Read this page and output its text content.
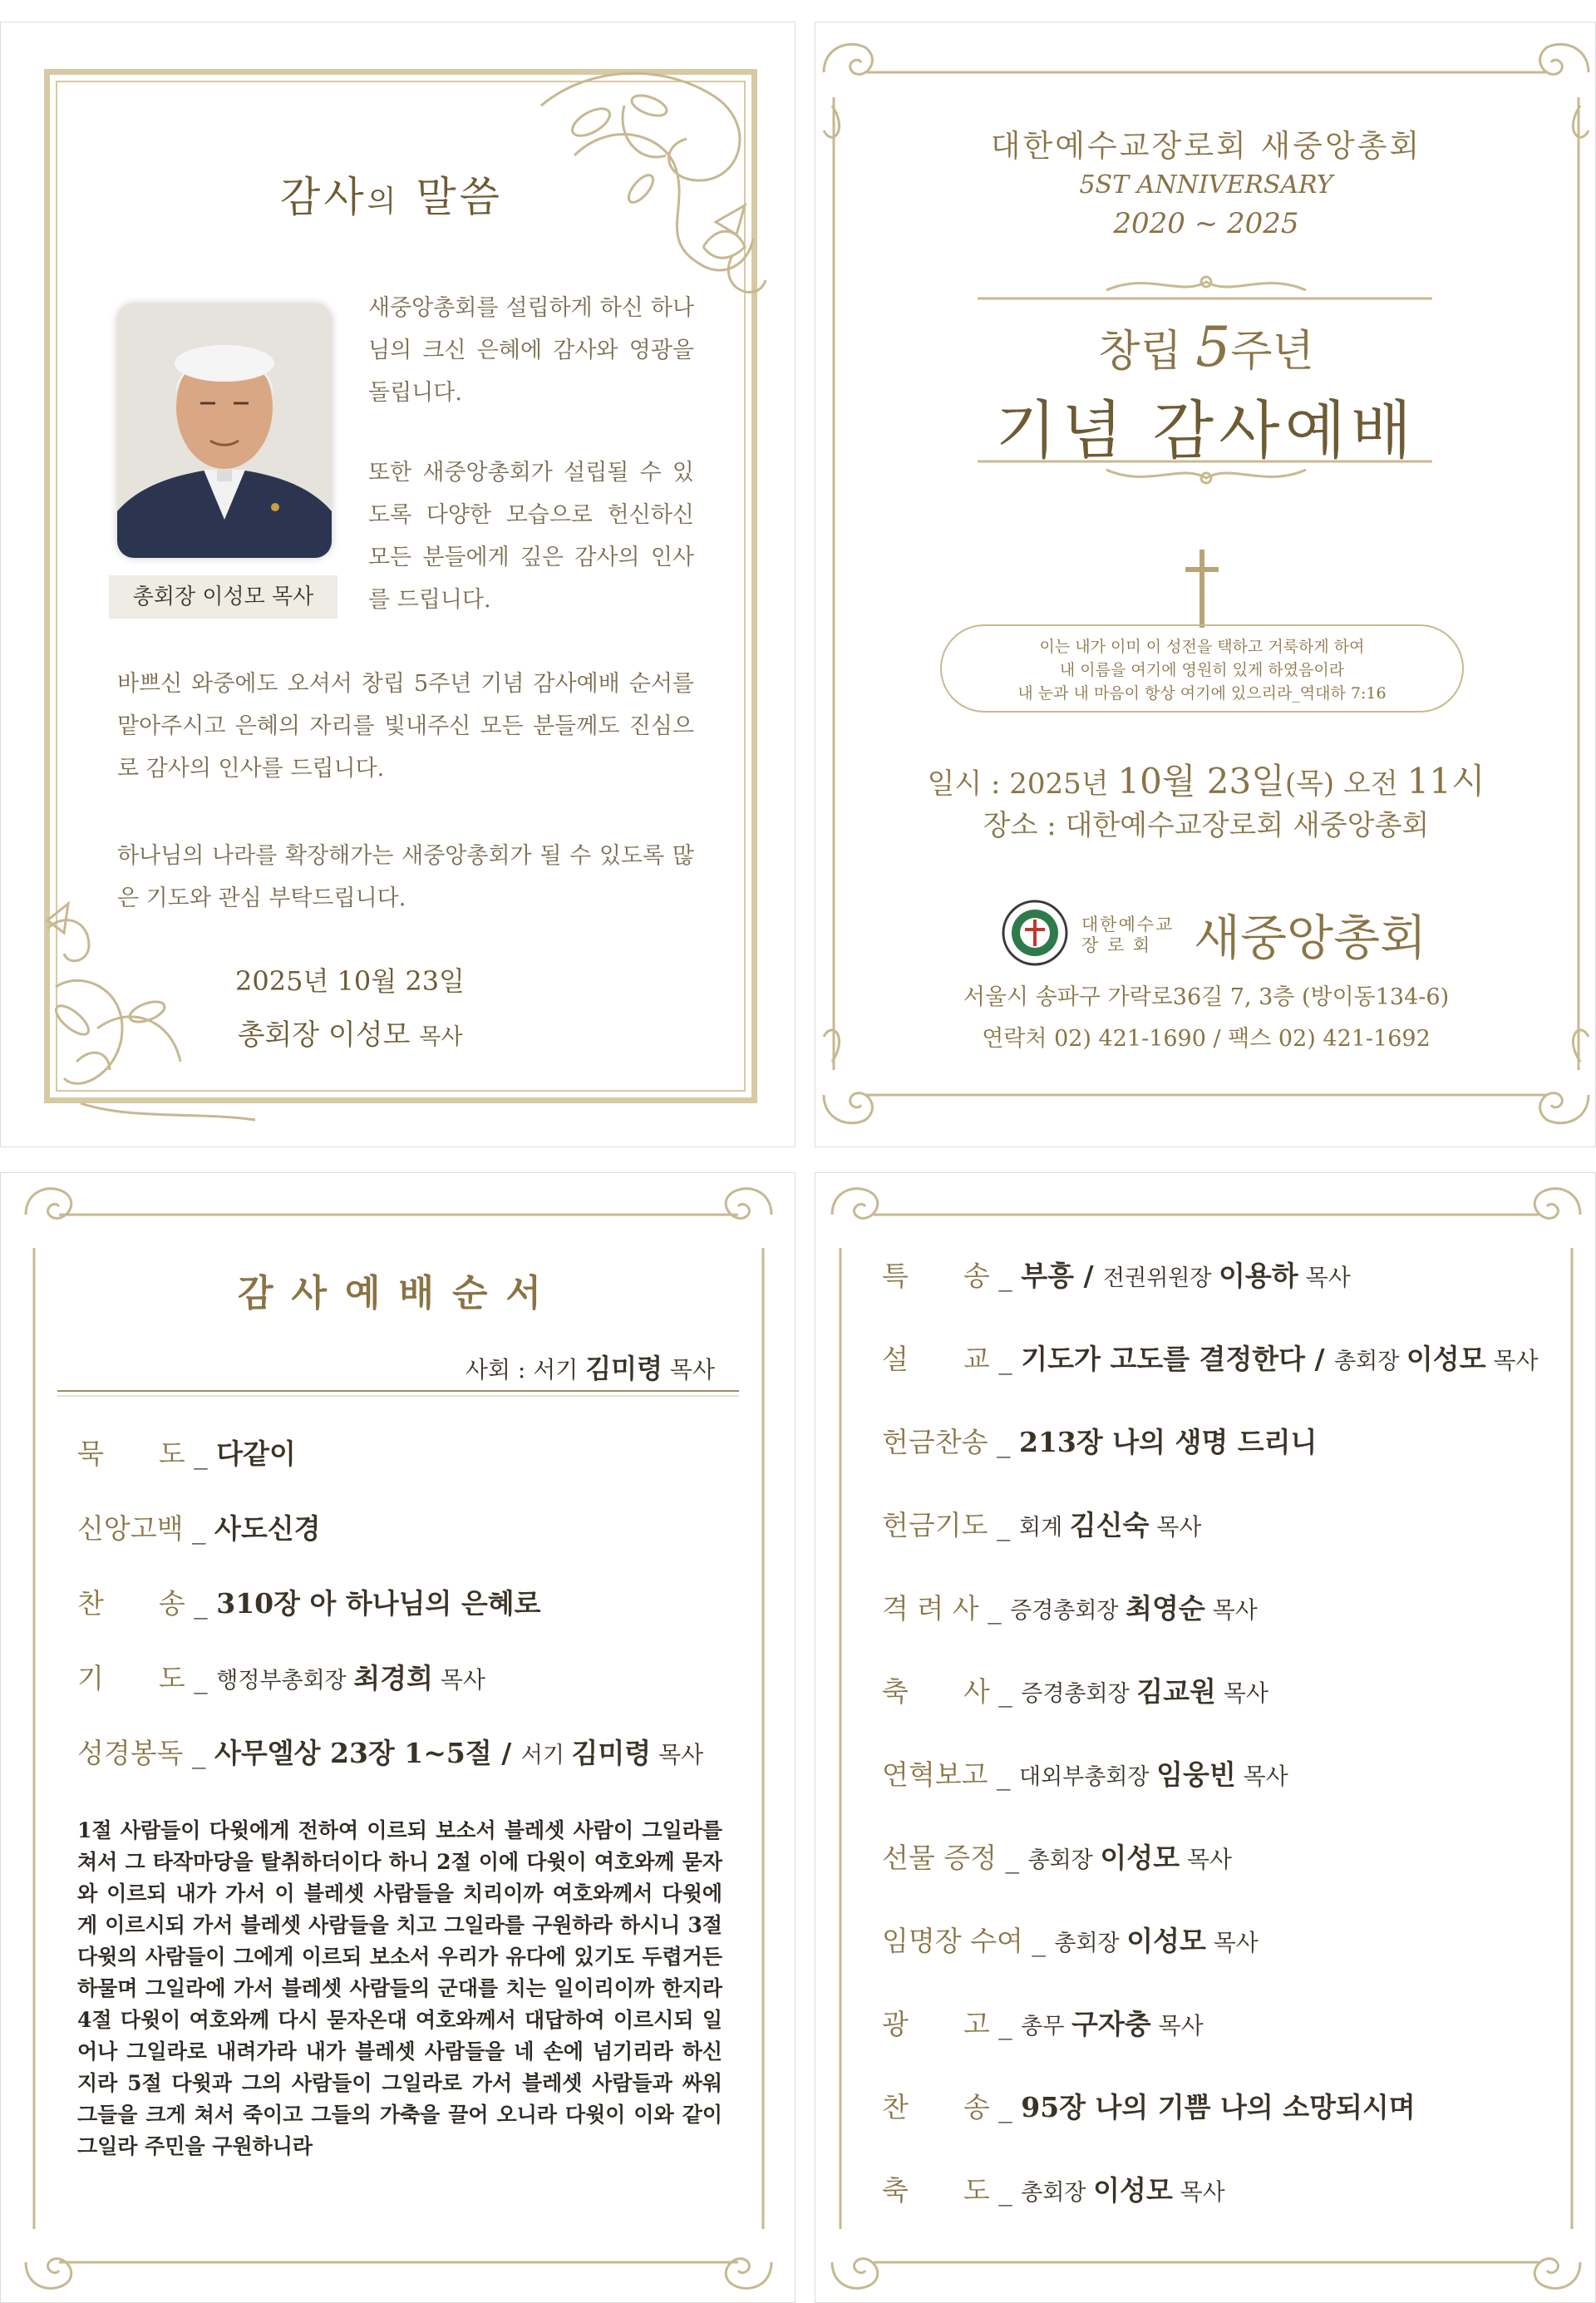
감사의 말씀
총회장 이성모 목사
새중앙총회를 설립하게 하신 하나님의 크신 은혜에 감사와 영광을 돌립니다.
또한 새중앙총회가 설립될 수 있도록 다양한 모습으로 헌신하신 모든 분들에게 깊은 감사의 인사를 드립니다.
바쁘신 와중에도 오셔서 창립 5주년 기념 감사예배 순서를 맡아주시고 은혜의 자리를 빛내주신 모든 분들께도 진심으로 감사의 인사를 드립니다.
하나님의 나라를 확장해가는 새중앙총회가 될 수 있도록 많은 기도와 관심 부탁드립니다.
2025년 10월 23일
총회장 이성모 목사
대한예수교장로회 새중앙총회
5ST ANNIVERSARY
2020 ~ 2025
창립 5주년
기념 감사예배
이는 내가 이미 이 성전을 택하고 거룩하게 하여
내 이름을 여기에 영원히 있게 하였음이라
내 눈과 내 마음이 항상 여기에 있으리라_역대하 7:16
일시 : 2025년 10월 23일(목) 오전 11시
장소 : 대한예수교장로회 새중앙총회
대한예수교
장 로 회 새중앙총회
서울시 송파구 가락로36길 7, 3층 (방이동134-6)
연락처 02) 421-1690 / 팩스 02) 421-1692
감사예배순서
사회 : 서기 김미령 목사
묵　　도 _ 다같이
신앙고백 _ 사도신경
찬　　송 _ 310장 아 하나님의 은혜로
기　　도 _ 행정부총회장 최경희 목사
성경봉독 _ 사무엘상 23장 1~5절 / 서기 김미령 목사
1절 사람들이 다윗에게 전하여 이르되 보소서 블레셋 사람이 그일라를 쳐서 그 타작마당을 탈취하더이다 하니 2절 이에 다윗이 여호와께 묻자와 이르되 내가 가서 이 블레셋 사람들을 치리이까 여호와께서 다윗에게 이르시되 가서 블레셋 사람들을 치고 그일라를 구원하라 하시니 3절 다윗의 사람들이 그에게 이르되 보소서 우리가 유다에 있기도 두렵거든 하물며 그일라에 가서 블레셋 사람들의 군대를 치는 일이리이까 한지라 4절 다윗이 여호와께 다시 묻자온대 여호와께서 대답하여 이르시되 일어나 그일라로 내려가라 내가 블레셋 사람들을 네 손에 넘기리라 하신지라 5절 다윗과 그의 사람들이 그일라로 가서 블레셋 사람들과 싸워 그들을 크게 쳐서 죽이고 그들의 가축을 끌어 오니라 다윗이 이와 같이 그일라 주민을 구원하니라
특　　송 _ 부흥 / 전권위원장 이용하 목사
설　　교 _ 기도가 고도를 결정한다 / 총회장 이성모 목사
헌금찬송 _ 213장 나의 생명 드리니
헌금기도 _ 회계 김신숙 목사
격 려 사 _ 증경총회장 최영순 목사
축　　사 _ 증경총회장 김교원 목사
연혁보고 _ 대외부총회장 임웅빈 목사
선물 증정 _ 총회장 이성모 목사
임명장 수여 _ 총회장 이성모 목사
광　　고 _ 총무 구자충 목사
찬　　송 _ 95장 나의 기쁨 나의 소망되시며
축　　도 _ 총회장 이성모 목사
